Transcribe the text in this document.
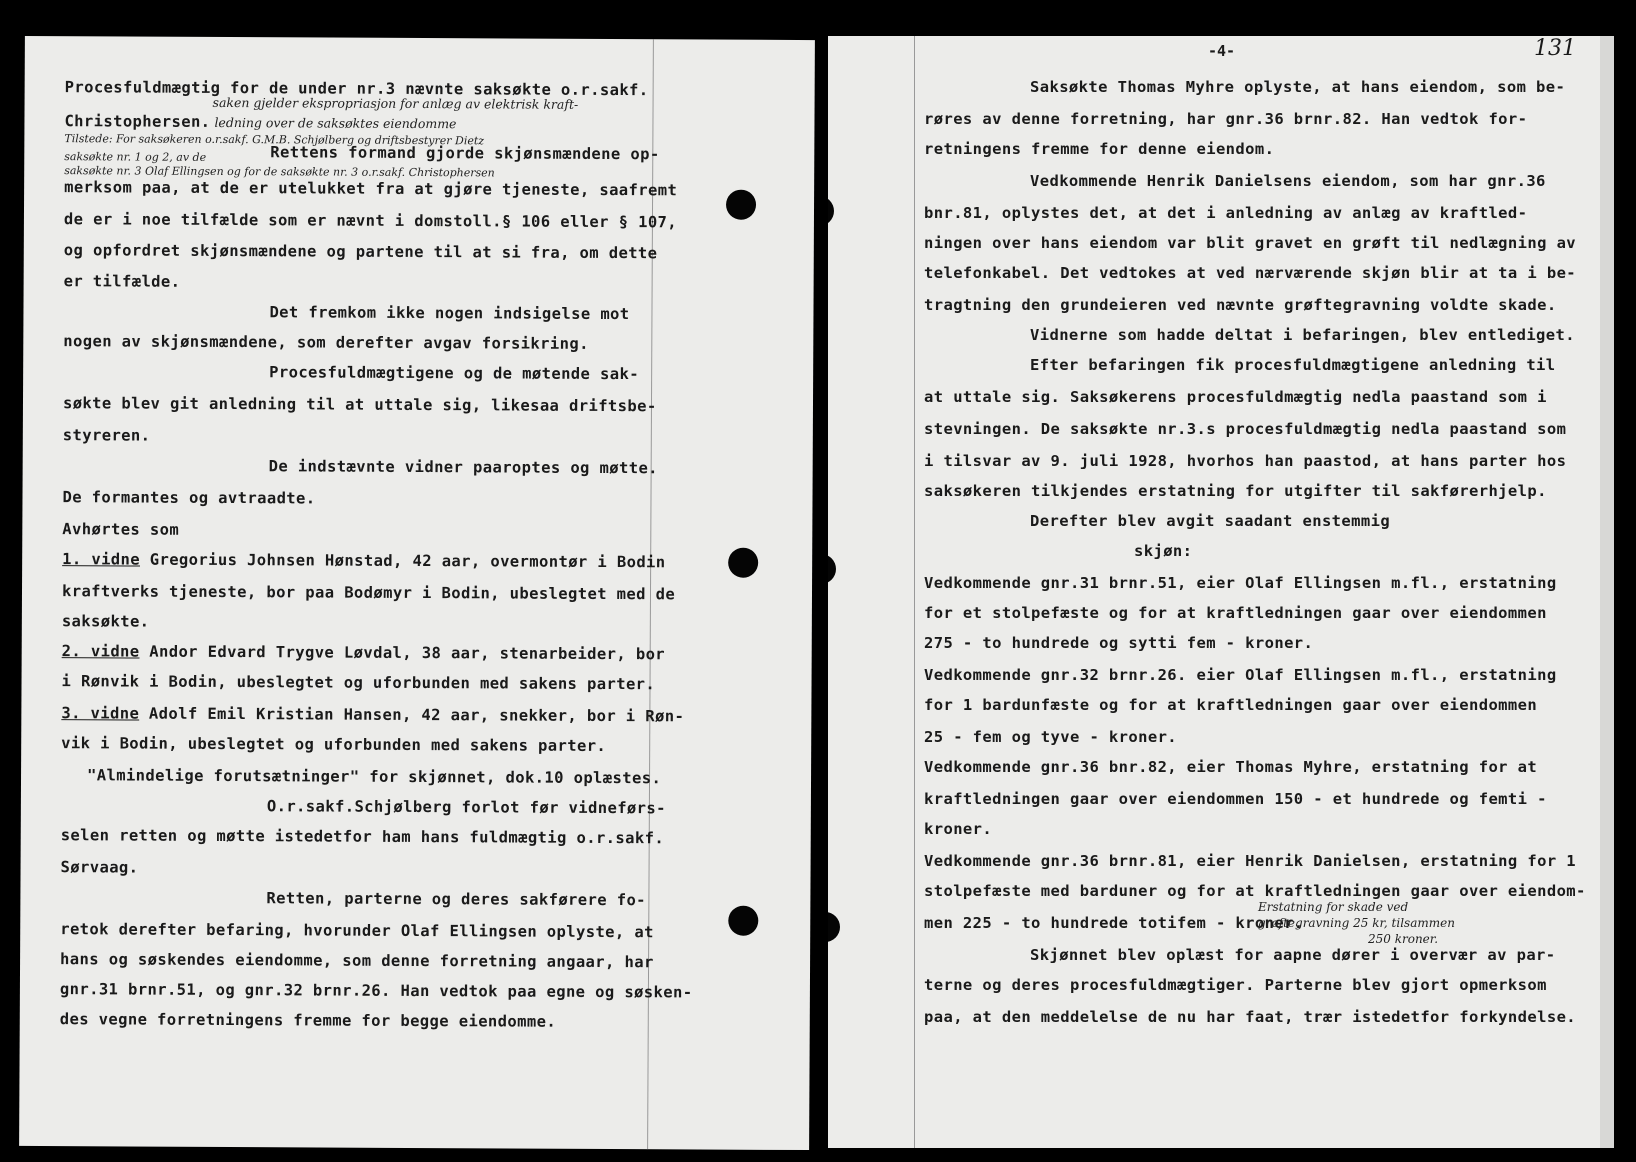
Procesfuldmægtig for de under nr.3 nævnte saksøkte o.r.sakf.
saken gjelder ekspropriasjon for anlæg av elektrisk kraft-
Christophersen. ledning over de saksøktes eiendomme
Tilstede: For saksøkeren o.r.sakf. G.M.B. Schjølberg og driftsbestyrer Dietz
saksøkte nr. 1 og 2, av de	Rettens formand gjorde skjønsmændene op-
saksøkte nr. 3 Olaf Ellingsen og for de saksøkte nr. 3 o.r.sakf. Christophersen
merksom paa, at de er utelukket fra at gjøre tjeneste, saafremt
de er i noe tilfælde som er nævnt i domstoll.§ 106 eller § 107,
og opfordret skjønsmændene og partene til at si fra, om dette
er tilfælde.
Det fremkom ikke nogen indsigelse mot
nogen av skjønsmændene, som derefter avgav forsikring.
Procesfuldmægtigene og de møtende sak-
søkte blev git anledning til at uttale sig, likesaa driftsbe-
styreren.
De indstævnte vidner paaroptes og møtte.
De formantes og avtraadte.
Avhørtes som
1. vidne Gregorius Johnsen Hønstad, 42 aar, overmontør i Bodin
kraftverks tjeneste, bor paa Bodømyr i Bodin, ubeslegtet med de
saksøkte.
2. vidne Andor Edvard Trygve Løvdal, 38 aar, stenarbeider, bor
i Rønvik i Bodin, ubeslegtet og uforbunden med sakens parter.
3. vidne Adolf Emil Kristian Hansen, 42 aar, snekker, bor i Røn-
vik i Bodin, ubeslegtet og uforbunden med sakens parter.
"Almindelige forutsætninger" for skjønnet, dok.10 oplæstes.
O.r.sakf.Schjølberg forlot før vidneførs-
selen retten og møtte istedetfor ham hans fuldmægtig o.r.sakf.
Sørvaag.
Retten, parterne og deres sakførere fo-
retok derefter befaring, hvorunder Olaf Ellingsen oplyste, at
hans og søskendes eiendomme, som denne forretning angaar, har
gnr.31 brnr.51, og gnr.32 brnr.26. Han vedtok paa egne og søsken-
des vegne forretningens fremme for begge eiendomme.
-4-	131
Saksøkte Thomas Myhre oplyste, at hans eiendom, som be-
røres av denne forretning, har gnr.36 brnr.82. Han vedtok for-
retningens fremme for denne eiendom.
Vedkommende Henrik Danielsens eiendom, som har gnr.36
bnr.81, oplystes det, at det i anledning av anlæg av kraftled-
ningen over hans eiendom var blit gravet en grøft til nedlægning av
telefonkabel. Det vedtokes at ved nærværende skjøn blir at ta i be-
tragtning den grundeieren ved nævnte grøftegravning voldte skade.
Vidnerne som hadde deltat i befaringen, blev entlediget.
Efter befaringen fik procesfuldmægtigene anledning til
at uttale sig. Saksøkerens procesfuldmægtig nedla paastand som i
stevningen. De saksøkte nr.3.s procesfuldmægtig nedla paastand som
i tilsvar av 9. juli 1928, hvorhos han paastod, at hans parter hos
saksøkeren tilkjendes erstatning for utgifter til sakførerhjelp.
Derefter blev avgit saadant enstemmig
skjøn:
Vedkommende gnr.31 brnr.51, eier Olaf Ellingsen m.fl., erstatning
for et stolpefæste og for at kraftledningen gaar over eiendommen
275 - to hundrede og sytti fem - kroner.
Vedkommende gnr.32 brnr.26. eier Olaf Ellingsen m.fl., erstatning
for 1 bardunfæste og for at kraftledningen gaar over eiendommen
25 - fem og tyve - kroner.
Vedkommende gnr.36 bnr.82, eier Thomas Myhre, erstatning for at
kraftledningen gaar over eiendommen 150 - et hundrede og femti -
kroner.
Vedkommende gnr.36 brnr.81, eier Henrik Danielsen, erstatning for 1
stolpefæste med barduner og for at kraftledningen gaar over eiendom-
men 225 - to hundrede totifem - kroner.
Erstatning for skade ved
grøftegravning 25 kr, tilsammen
250 kroner.
Skjønnet blev oplæst for aapne dører i overvær av par-
terne og deres procesfuldmægtiger. Parterne blev gjort opmerksom
paa, at den meddelelse de nu har faat, trær istedetfor forkyndelse.
